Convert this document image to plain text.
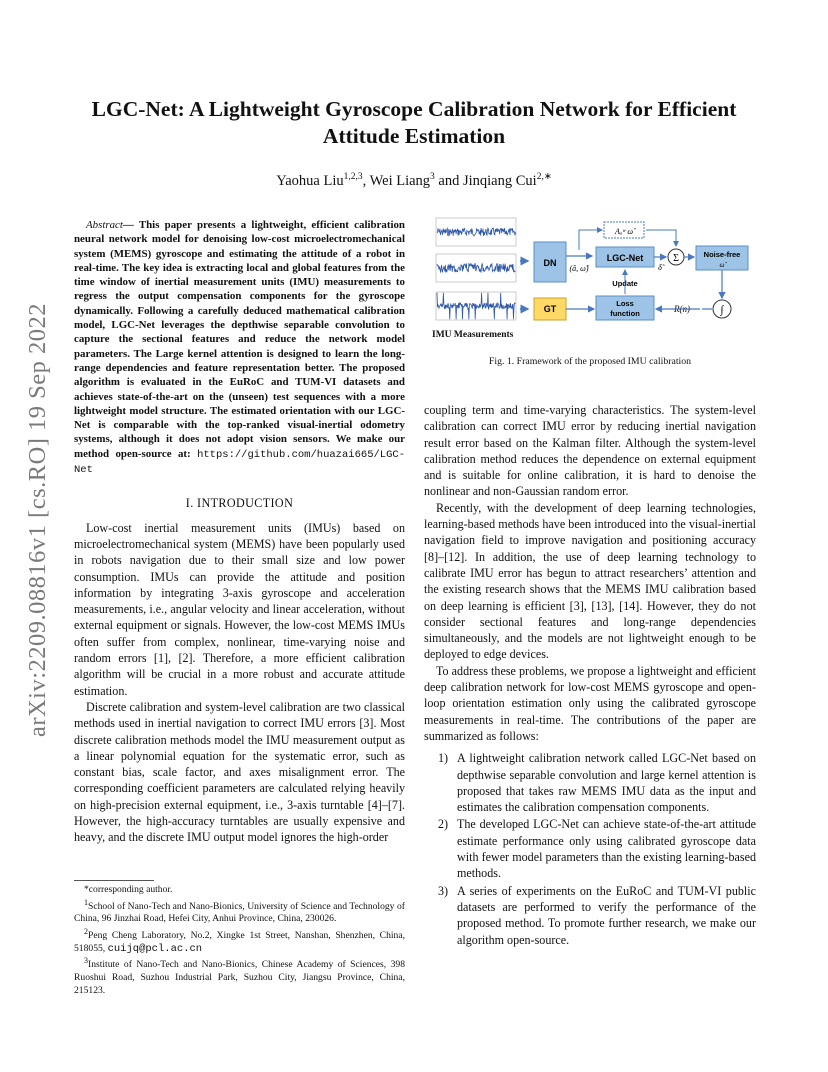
arXiv:2209.08816v1 [cs.RO] 19 Sep 2022
LGC-Net: A Lightweight Gyroscope Calibration Network for Efficient Attitude Estimation
Yaohua Liu$^{1,2,3}$, Wei Liang$^3$ and Jinqiang Cui$^{2,∗}$

Abstract— This paper presents a lightweight, efficient calibration neural network model for denoising low-cost microelectromechanical system (MEMS) gyroscope and estimating the attitude of a robot in real-time. The key idea is extracting local and global features from the time window of inertial measurement units (IMU) measurements to regress the output compensation components for the gyroscope dynamically. Following a carefully deduced mathematical calibration model, LGC-Net leverages the depthwise separable convolution to capture the sectional features and reduce the network model parameters. The Large kernel attention is designed to learn the long-range dependencies and feature representation better. The proposed algorithm is evaluated in the EuRoC and TUM-VI datasets and achieves state-of-the-art on the (unseen) test sequences with a more lightweight model structure. The estimated orientation with our LGC-Net is comparable with the top-ranked visual-inertial odometry systems, although it does not adopt vision sensors. We make our method open-source at: https://github.com/huazai665/LGC-Net

I. INTRODUCTION

Low-cost inertial measurement units (IMUs) based on microelectromechanical system (MEMS) have been popularly used in robots navigation due to their small size and low power consumption. IMUs can provide the attitude and position information by integrating 3-axis gyroscope and acceleration measurements, i.e., angular velocity and linear acceleration, without external equipment or signals. However, the low-cost MEMS IMUs often suffer from complex, nonlinear, time-varying noise and random errors [1], [2]. Therefore, a more efficient calibration algorithm will be crucial in a more robust and accurate attitude estimation.

Discrete calibration and system-level calibration are two classical methods used in inertial navigation to correct IMU errors [3]. Most discrete calibration methods model the IMU measurement output as a linear polynomial equation for the systematic error, such as constant bias, scale factor, and axes misalignment error. The corresponding coefficient parameters are calculated relying heavily on high-precision external equipment, i.e., 3-axis turntable [4]–[7]. However, the high-accuracy turntables are usually expensive and heavy, and the discrete IMU output model ignores the high-order

*corresponding author.

$^1$School of Nano-Tech and Nano-Bionics, University of Science and Technology of China, 96 Jinzhai Road, Hefei City, Anhui Province, China, 230026.

$^2$Peng Cheng Laboratory, No.2, Xingke 1st Street, Nanshan, Shenzhen, China, 518055, cuijq@pcl.ac.cn

$^3$Institute of Nano-Tech and Nano-Bionics, Chinese Academy of Sciences, 398 Ruoshui Road, Suzhou Industrial Park, Suzhou City, Jiangsu Province, China, 215123.

DN
GT
(â, ω̂)
LGC-Net
Aₐʷ ω̂
Σ
δ̃
Noise-free
ω̂
Update
Loss
function	R(n)	∫
IMU Measurements
Fig. 1. Framework of the proposed IMU calibration

coupling term and time-varying characteristics. The system-level calibration can correct IMU error by reducing inertial navigation result error based on the Kalman filter. Although the system-level calibration method reduces the dependence on external equipment and is suitable for online calibration, it is hard to denoise the nonlinear and non-Gaussian random error.

Recently, with the development of deep learning technologies, learning-based methods have been introduced into the visual-inertial navigation field to improve navigation and positioning accuracy [8]–[12]. In addition, the use of deep learning technology to calibrate IMU error has begun to attract researchers’ attention and the existing research shows that the MEMS IMU calibration based on deep learning is efficient [3], [13], [14]. However, they do not consider sectional features and long-range dependencies simultaneously, and the models are not lightweight enough to be deployed to edge devices.

To address these problems, we propose a lightweight and efficient deep calibration network for low-cost MEMS gyroscope and open-loop orientation estimation only using the calibrated gyroscope measurements in real-time. The contributions of the paper are summarized as follows:

1) A lightweight calibration network called LGC-Net based on depthwise separable convolution and large kernel attention is proposed that takes raw MEMS IMU data as the input and estimates the calibration compensation components.
2) The developed LGC-Net can achieve state-of-the-art attitude estimate performance only using calibrated gyroscope data with fewer model parameters than the existing learning-based methods.
3) A series of experiments on the EuRoC and TUM-VI public datasets are performed to verify the performance of the proposed method. To promote further research, we make our algorithm open-source.
